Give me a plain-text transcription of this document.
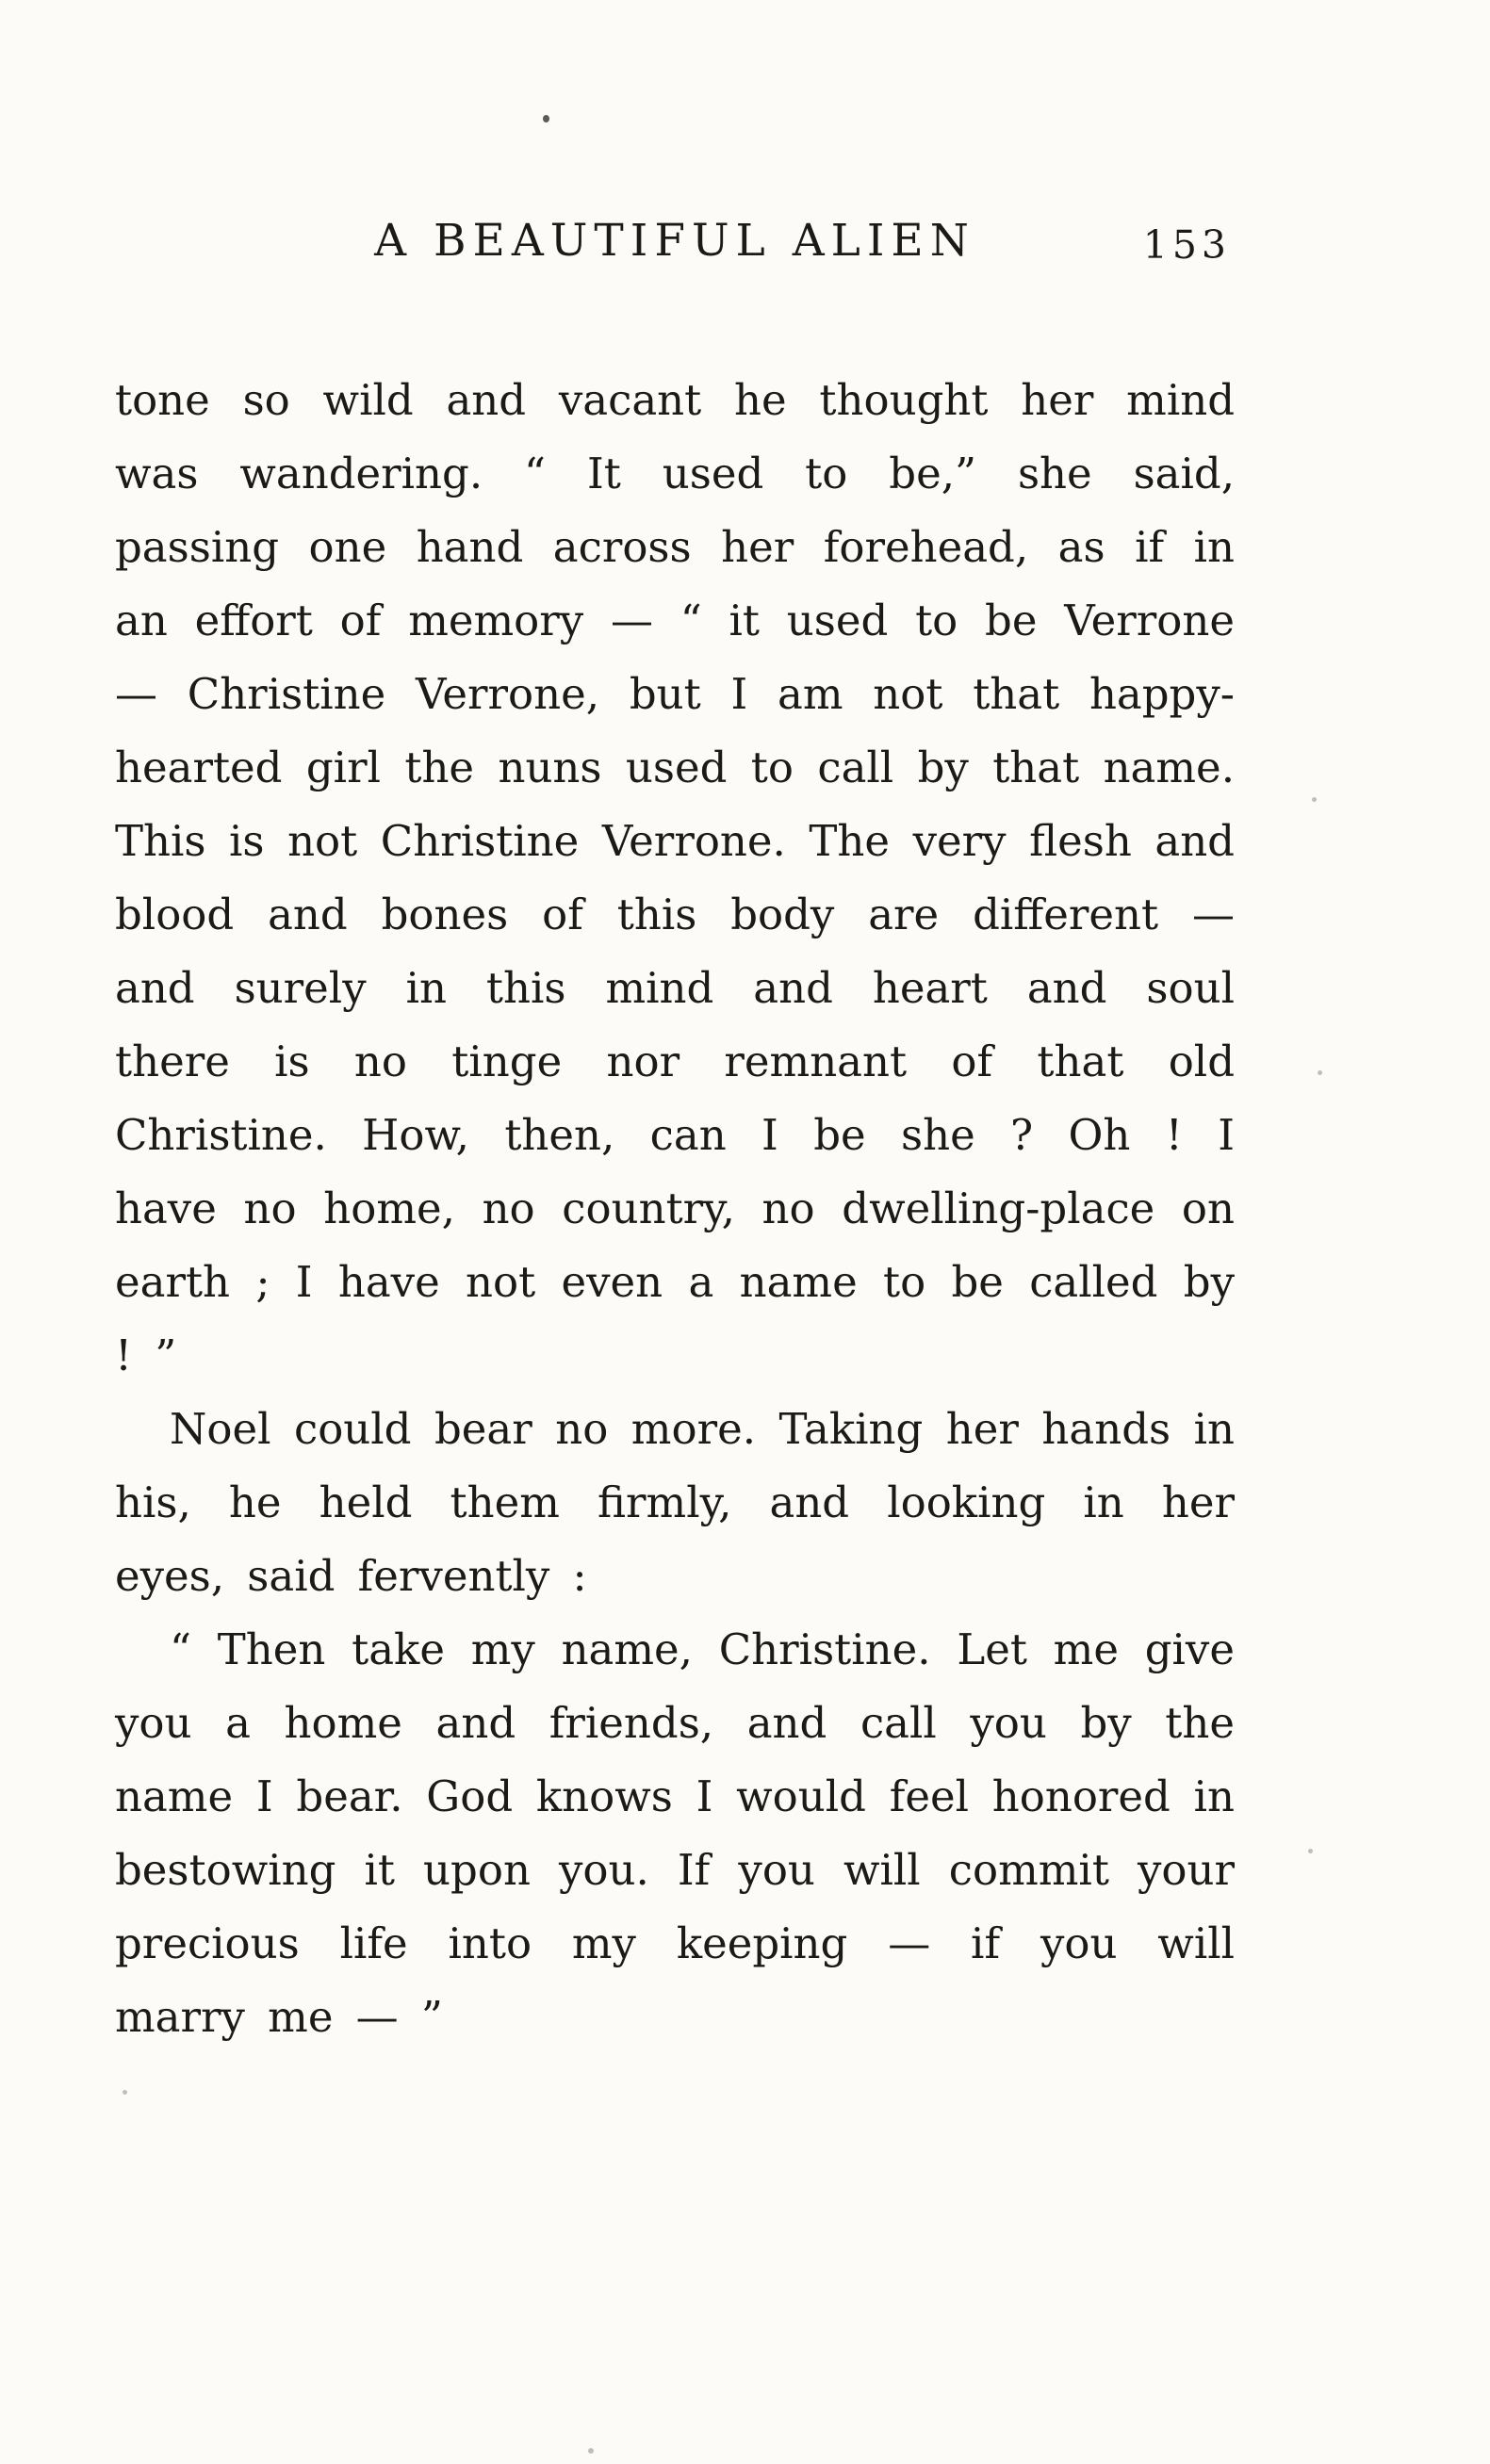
A BEAUTIFUL ALIEN	153

tone so wild and vacant he thought her mind was wandering. “ It used to be,” she said, passing one hand across her forehead, as if in an effort of memory — “ it used to be Verrone — Christine Verrone, but I am not that happy-hearted girl the nuns used to call by that name. This is not Christine Verrone. The very flesh and blood and bones of this body are different — and surely in this mind and heart and soul there is no tinge nor remnant of that old Christine. How, then, can I be she ? Oh ! I have no home, no country, no dwelling-place on earth ; I have not even a name to be called by ! ”

Noel could bear no more. Taking her hands in his, he held them firmly, and looking in her eyes, said fervently :

“ Then take my name, Christine. Let me give you a home and friends, and call you by the name I bear. God knows I would feel honored in bestowing it upon you. If you will commit your precious life into my keeping — if you will marry me — ”
